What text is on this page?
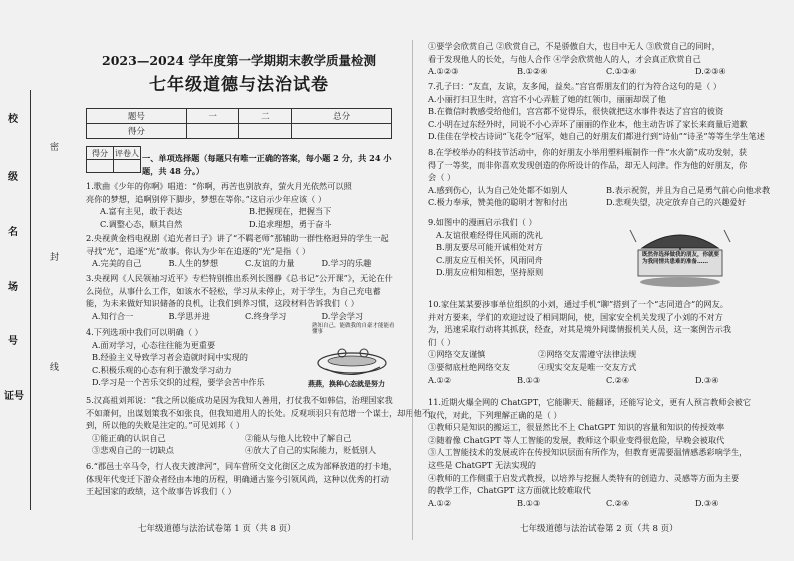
校
级
名
场
号
证号
密
封
线
2023—2024 学年度第一学期期末教学质量检测
七年级道德与法治试卷
题号	一	二	总分
得分			
得分	评卷人
	一、单项选择题（每题只有唯一正确的答案，每小题 2 分，共 24 小题，共 48 分。）
1.歌曲《少年的你啊》唱道：“你啊，再苦也别放弃，萤火月光依然可以照
亮你的梦想，追啊别停下脚步，梦想在等你。”这启示少年应该（ ）
A.富有主见，敢于表达	B.把握现在，把握当下
C.调整心态，顺其自然	D.追求理想，勇于奋斗
2.央视黄金档电视剧《追光者日子》讲了“不羁老师”那辅助一群性格迥异的学生一起
寻找“光”，追逐“光”故事。你认为少年在追逐的“光”是指（ ）
A.完美的自己	B.人生的梦想	C.友谊的力量	D.学习的乐趣
3.央视网《人民领袖习近平》专栏特别推出系列长图静《总书记“公开课”》，无论在什
么岗位，从事什么工作，如该水不轻松，学习从未停止，对于学生，为自己充电蓄
能，为未来做好知识储备的良机，让我们到养习惯，这段材料告诉我们（ ）
A.知行合一	B.学思并进	C.终身学习	D.学会学习
4.下列选项中我们可以明确（ ）
A.面对学习，心态往往能为更重要
B.经验主义导致学习者会造就时间中实现的
C.积极乐观的心态有利于激发学习动力
D.学习是一个苦乐交织的过程，要学会苦中作乐
熟知自己，能做我的自豪才能能看懂事
燕燕，换种心态就是努力
5.汉高祖刘邦说：“我之所以能成功是因为我知人善用，打仗我不如韩信，治理国家我
不如萧何，出谋划策我不如张良，但我知道用人的长处。反观项羽只有范增一个谋士，却用他不
到，所以他的失败是注定的。”可见刘邦（ ）
①能正确的认识自己	②能从与他人比较中了解自己
③悲观自己的一切缺点	④放大了自己的实际能力，贬低别人
6.“郡邑士卒马令，行人夜夫渡津河”，同车营所交文化街区之成为部释放道的打卡地，
体现年代变迁下游众者经由本地的历程，明确通古鉴今引领风尚，这种以优秀的打动
王起国家的政绩，这个故事告诉我们（ ）
七年级道德与法治试卷第 1 页（共 8 页）
①要学会欣赏自己 ②欣赏自己，不是骄傲自大，也目中无人 ③欣赏自己的同时，
看于发现他人的长处，与他人合作 ④学会欣赏他人的人，才会真正欣赏自己
A.①②③	B.①②④	C.①③④	D.②③④
7.孔子曰：“友直，友谅，友多闻，益矣。”宫宫帮朋友们的行为符合这句的是（ ）
A.小丽打扫卫生时，宫宫不小心弄脏了她的红领巾，丽丽却误了他
B.在微信时教感受给他们，宫宫都不觉得乐，很快就把这水事件表达了宫宫的彼资
C.小明在过东经外时，同说不小心弄坏了丽丽的作业本，他主动告诉了家长来商量后道歉
D.佳佳在学校古诗词“飞花令”冠军，她自己的好朋友们都进行到“诗仙”“诗圣”等等生学生笔述
8.在学校举办的科技节活动中，你的好朋友小举用塑料瓶制作一件“水火箭”成功发射，获
得了一等奖，而非你喜欢发现创造的你所设计的作品，却无人问津。作为他的好朋友，你
会（ ）
A.感到伤心，认为自己处处都不如别人	B.表示祝贺，并且为自己是勇气前心向他求教
C.极力奉承，赞美他的聪明才智和付出	D.悲观失望，决定放弃自己的兴趣爱好
9.如图中的漫画启示我们（ ）
A.友谊很难经得住风雨的洗礼
B.朋友要尽可能开诚相处对方
C.朋友应互相关怀，风雨同舟
D.朋友应相知相恕，坚持原则
既然你选择做我的朋友，你就要为我同情共患难的准备……
10.家住某某要涉事单位组织的小刘，通过手机“聊”搭到了一个“志同道合”的网友。
并对方要来，学们的欢迎过设了相同期间，使，国家安全机关发现了小刘的不对方
为，迅速采取行动将其抓获，经查，对其是境外间谍情报机关人员，这一案例告示我
们（ ）
①网络交友谨慎	②网络交友需遵守法律法规
③要彻底杜绝网络交友	④现实交友是唯一交友方式
A.①②	B.①③	C.②④	D.③④
11.近期火爆全网的 ChatGPT，它能聊天、能翻译，还能写论文，更有人预言教师会被它
取代，对此，下列理解正确的是（ ）
①教师只是知识的搬运工，很显然比不上 ChatGPT 知识的容量和知识的传授效率
②随着像 ChatGPT 等人工智能的发展，教师这个职业变得很危险，早晚会被取代
③人工智能技术的发展或许在传授知识层面有所作为，但教育更需要温情感悉彩响学生，
这些是 ChatGPT 无法实现的
④教师的工作侧重于启发式教授，以培养与挖掘人类特有的创造力、灵感等方面为主要
的教学工作，ChatGPT 这方面就比较难取代
A.①②	B.①③	C.②④	D.③④
七年级道德与法治试卷第 2 页（共 8 页）
